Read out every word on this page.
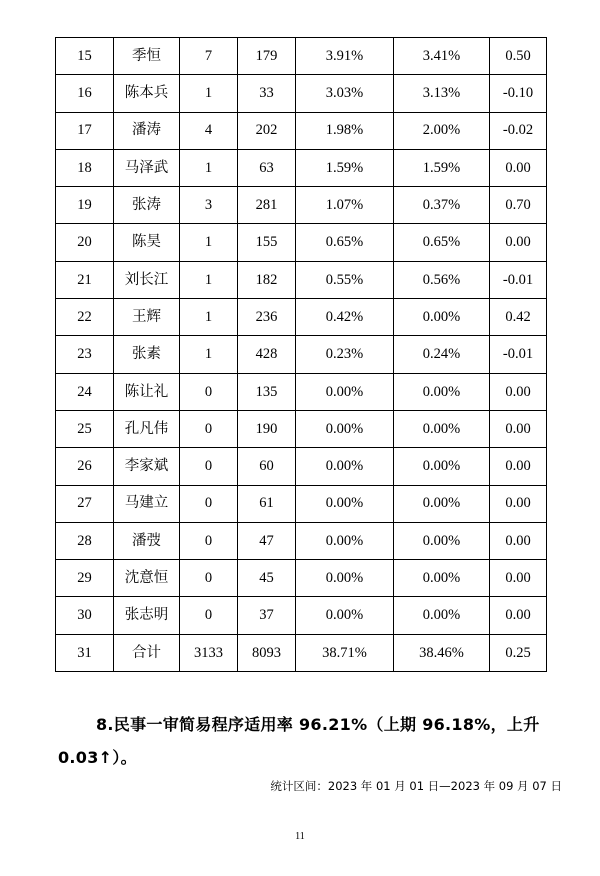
15	季恒	7	179	3.91%	3.41%	0.50
16	陈本兵	1	33	3.03%	3.13%	-0.10
17	潘涛	4	202	1.98%	2.00%	-0.02
18	马泽武	1	63	1.59%	1.59%	0.00
19	张涛	3	281	1.07%	0.37%	0.70
20	陈昊	1	155	0.65%	0.65%	0.00
21	刘长江	1	182	0.55%	0.56%	-0.01
22	王辉	1	236	0.42%	0.00%	0.42
23	张素	1	428	0.23%	0.24%	-0.01
24	陈让礼	0	135	0.00%	0.00%	0.00
25	孔凡伟	0	190	0.00%	0.00%	0.00
26	李家斌	0	60	0.00%	0.00%	0.00
27	马建立	0	61	0.00%	0.00%	0.00
28	潘弢	0	47	0.00%	0.00%	0.00
29	沈意恒	0	45	0.00%	0.00%	0.00
30	张志明	0	37	0.00%	0.00%	0.00
31	合计	3133	8093	38.71%	38.46%	0.25
8.民事一审简易程序适用率 96.21%（上期 96.18%，上升
0.03↑）。
统计区间：2023 年 01 月 01 日—2023 年 09 月 07 日
11
